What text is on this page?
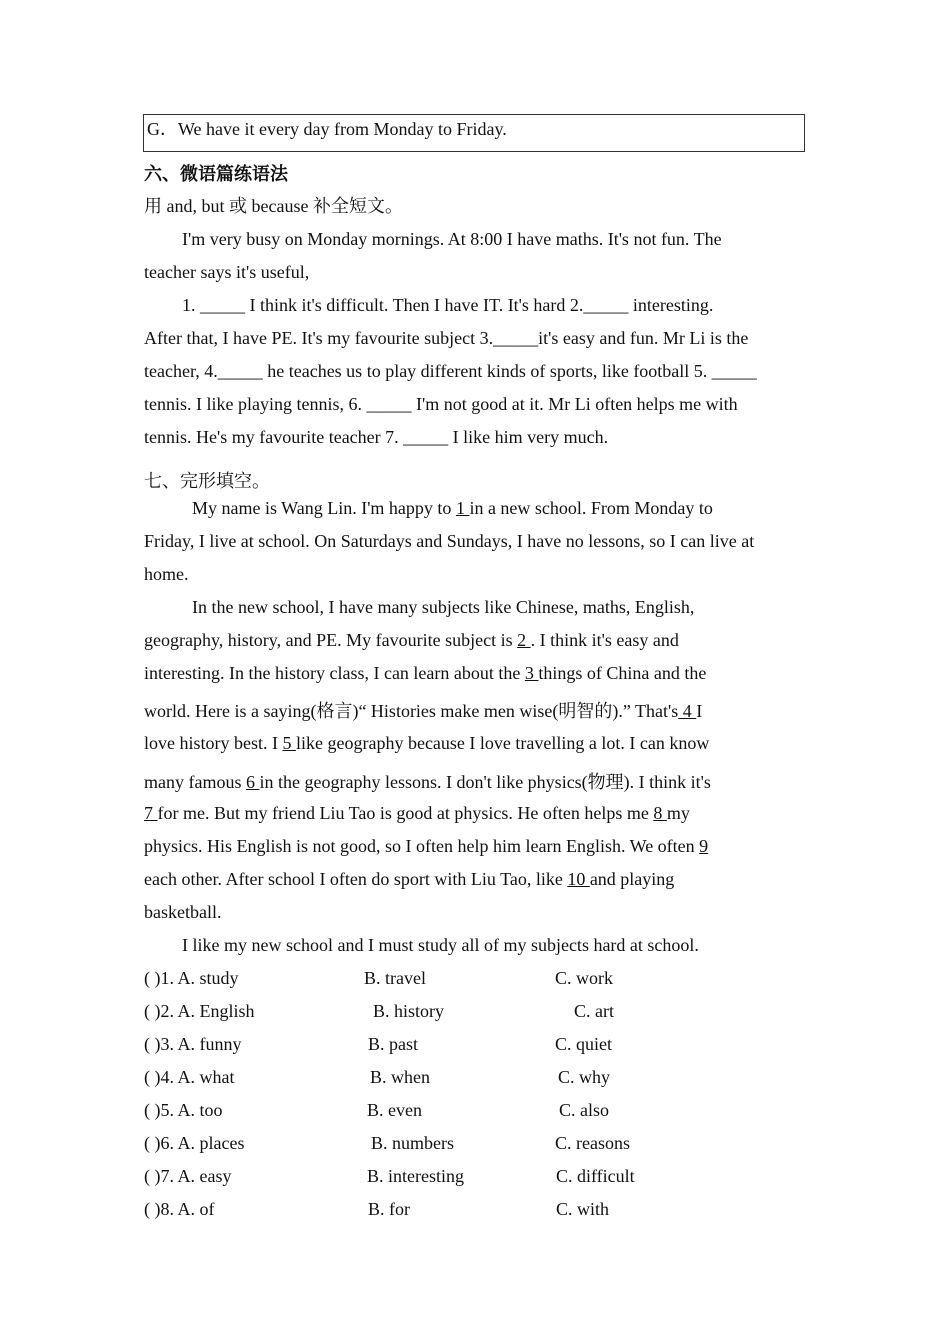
G．We have it every day from Monday to Friday.
六、微语篇练语法
用 and, but 或 because 补全短文。
I'm very busy on Monday mornings. At 8:00 I have maths. It's not fun. The
teacher says it's useful,
1. _____ I think it's difficult. Then I have IT. It's hard 2._____ interesting.
After that, I have PE. It's my favourite subject 3._____it's easy and fun. Mr Li is the
teacher, 4._____ he teaches us to play different kinds of sports, like football 5. _____
tennis. I like playing tennis, 6. _____ I'm not good at it. Mr Li often helps me with
tennis. He's my favourite teacher 7. _____ I like him very much.
七、完形填空。
My name is Wang Lin. I'm happy to 1 in a new school. From Monday to
Friday, I live at school. On Saturdays and Sundays, I have no lessons, so I can live at
home.
In the new school, I have many subjects like Chinese, maths, English,
geography, history, and PE. My favourite subject is 2 . I think it's easy and
interesting. In the history class, I can learn about the 3 things of China and the
world. Here is a saying(格言)“ Histories make men wise(明智的).” That's 4 I
love history best. I 5 like geography because I love travelling a lot. I can know
many famous 6 in the geography lessons. I don't like physics(物理). I think it's
7 for me. But my friend Liu Tao is good at physics. He often helps me 8 my
physics. His English is not good, so I often help him learn English. We often 9
each other. After school I often do sport with Liu Tao, like 10 and playing
basketball.
I like my new school and I must study all of my subjects hard at school.
( )1. A. study	B. travel	C. work
( )2. A. English	B. history	C. art
( )3. A. funny	B. past	C. quiet
( )4. A. what	B. when	C. why
( )5. A. too	B. even	C. also
( )6. A. places	B. numbers	C. reasons
( )7. A. easy	B. interesting	C. difficult
( )8. A. of	B. for	C. with
